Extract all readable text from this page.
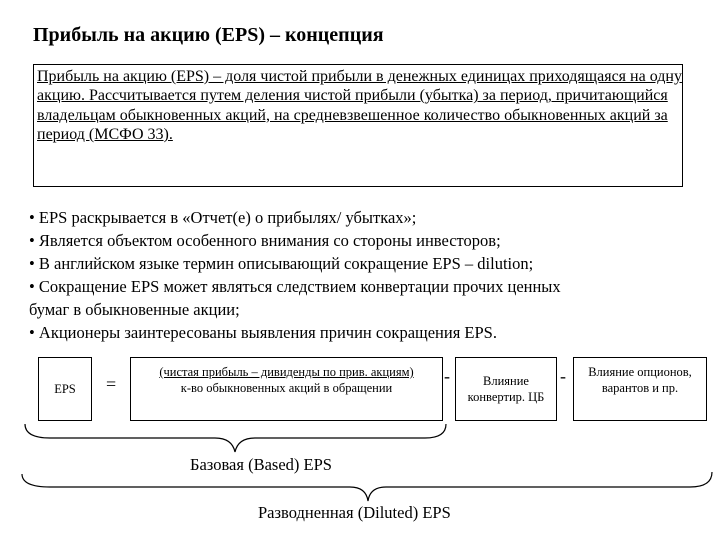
Прибыль на акцию (EPS) – концепция
Прибыль на акцию (EPS) – доля чистой прибыли в денежных единицах приходящаяся на одну акцию. Рассчитывается путем деления чистой прибыли (убытка) за период, причитающийся владельцам обыкновенных акций, на средневзвешенное количество обыкновенных акций за период (МСФО 33).
• EPS раскрывается в «Отчет(е) о прибылях/ убытках»;
• Является объектом особенного внимания со стороны инвесторов;
• В английском языке термин описывающий сокращение EPS – dilution;
• Сокращение EPS может являться следствием конвертации прочих ценных
бумаг в обыкновенные акции;
• Акционеры заинтересованы выявления причин сокращения EPS.
EPS =
(чистая прибыль – дивиденды по прив. акциям)
к-во обыкновенных акций в обращении
-	Влияние конвертир. ЦБ
-	Влияние опционов, варантов и пр.
Базовая (Based) EPS
Разводненная (Diluted) EPS
